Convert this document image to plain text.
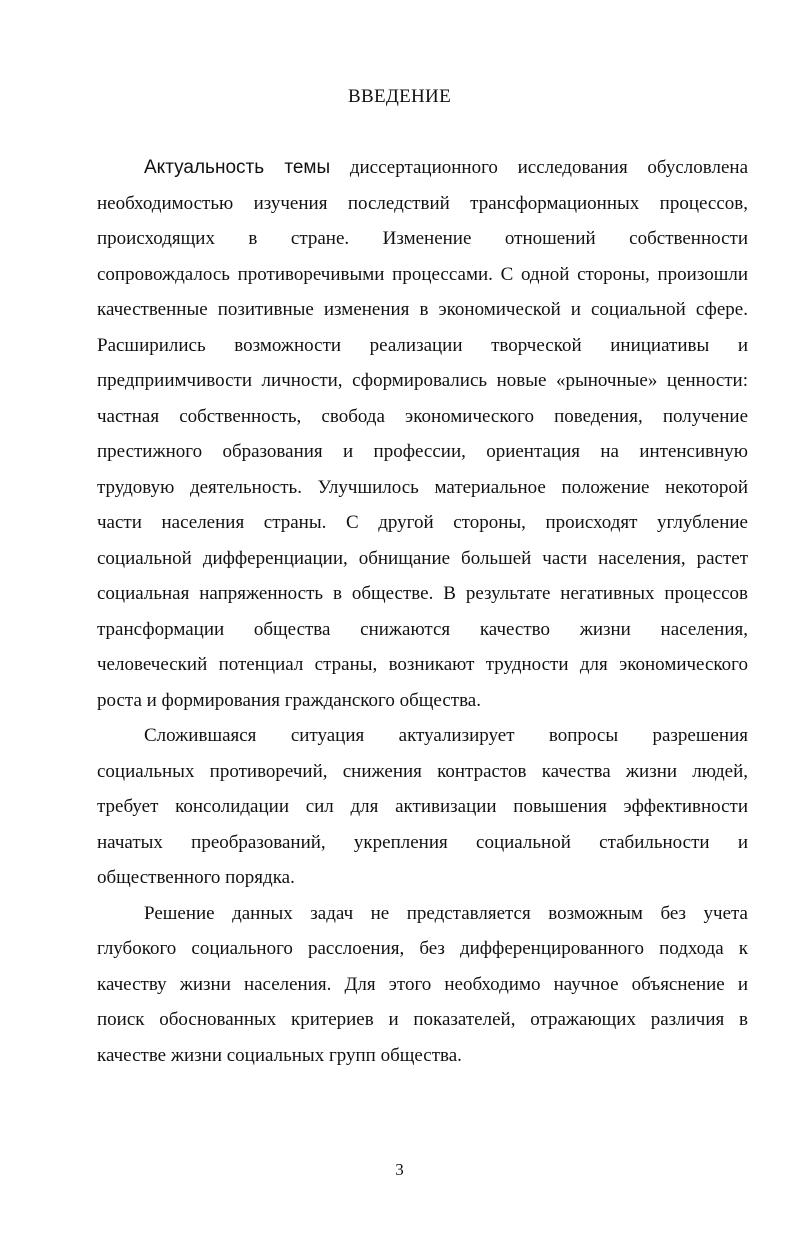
ВВЕДЕНИЕ
Актуальность темы диссертационного исследования обусловлена
необходимостью изучения последствий трансформационных процессов,
происходящих в стране. Изменение отношений собственности
сопровождалось противоречивыми процессами. С одной стороны, произошли
качественные позитивные изменения в экономической и социальной сфере.
Расширились возможности реализации творческой инициативы и
предприимчивости личности, сформировались новые «рыночные» ценности:
частная собственность, свобода экономического поведения, получение
престижного образования и профессии, ориентация на интенсивную
трудовую деятельность. Улучшилось материальное положение некоторой
части населения страны. С другой стороны, происходят углубление
социальной дифференциации, обнищание большей части населения, растет
социальная напряженность в обществе. В результате негативных процессов
трансформации общества снижаются качество жизни населения,
человеческий потенциал страны, возникают трудности для экономического
роста и формирования гражданского общества.
Сложившаяся ситуация актуализирует вопросы разрешения
социальных противоречий, снижения контрастов качества жизни людей,
требует консолидации сил для активизации повышения эффективности
начатых преобразований, укрепления социальной стабильности и
общественного порядка.
Решение данных задач не представляется возможным без учета
глубокого социального расслоения, без дифференцированного подхода к
качеству жизни населения. Для этого необходимо научное объяснение и
поиск обоснованных критериев и показателей, отражающих различия в
качестве жизни социальных групп общества.
3
